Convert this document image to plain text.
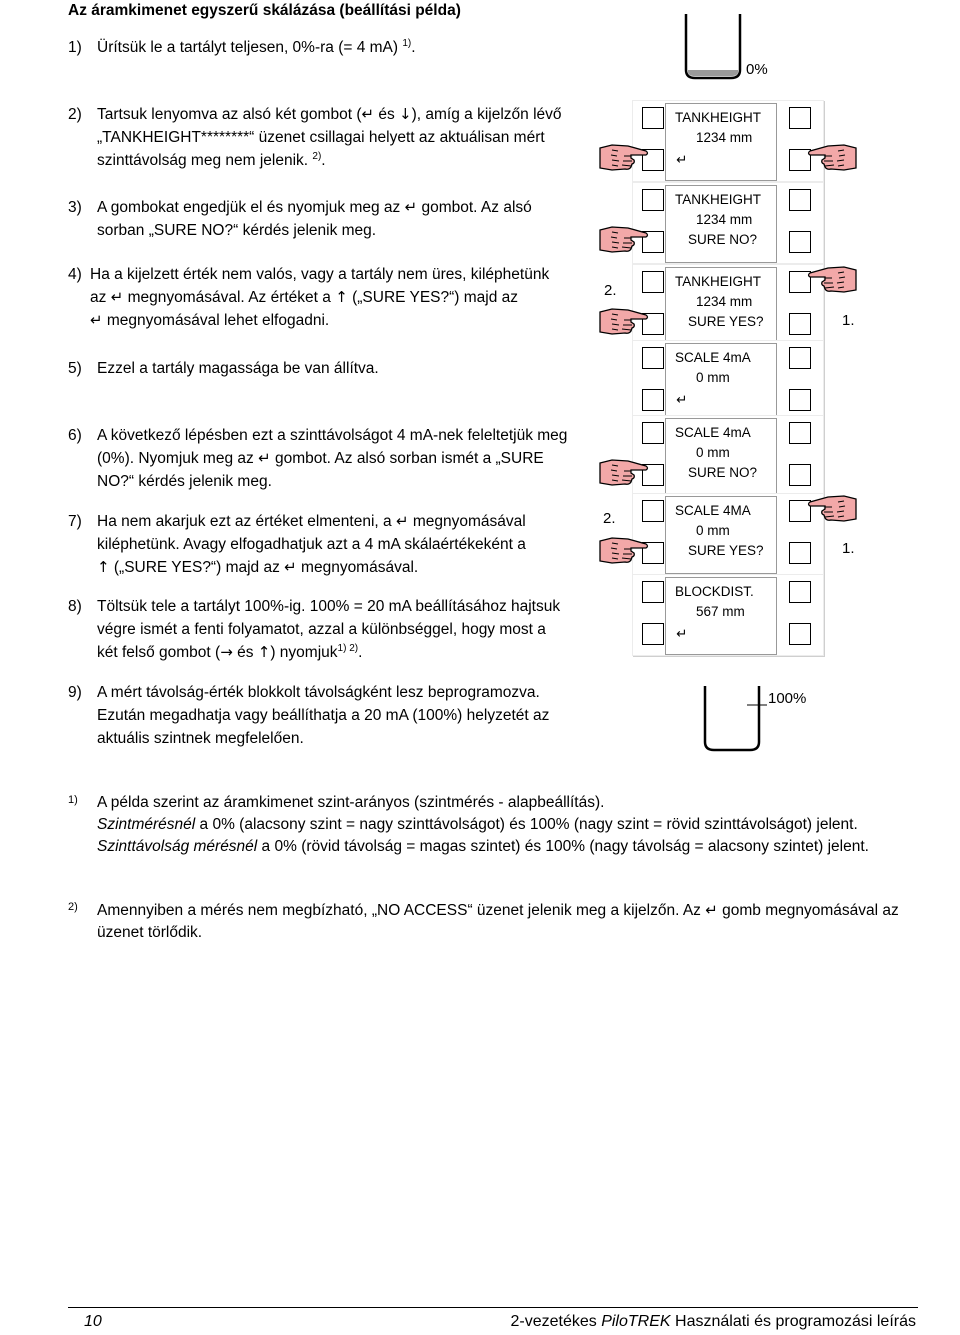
Az áramkimenet egyszerű skálázása (beállítási példa)
1) Ürítsük le a tartályt teljesen, 0%-ra (= 4 mA) $^{1)}$.
2) Tartsuk lenyomva az alsó két gombot (↵ és ↓), amíg a kijelzőn lévő
„TANKHEIGHT********“ üzenet csillagai helyett az aktuálisan mért
szinttávolság meg nem jelenik. $^{2)}$.
3) A gombokat engedjük el és nyomjuk meg az ↵ gombot. Az alsó
sorban „SURE NO?“ kérdés jelenik meg.
4) Ha a kijelzett érték nem valós, vagy a tartály nem üres, kiléphetünk
az ↵ megnyomásával. Az értéket a ↑ („SURE YES?“) majd az
↵ megnyomásával lehet elfogadni.
5) Ezzel a tartály magassága be van állítva.
6) A következő lépésben ezt a szinttávolságot 4 mA-nek feleltetjük meg
(0%). Nyomjuk meg az ↵ gombot. Az alsó sorban ismét a „SURE
NO?“ kérdés jelenik meg.
7) Ha nem akarjuk ezt az értéket elmenteni, a ↵ megnyomásával
kiléphetünk. Avagy elfogadhatjuk azt a 4 mA skálaértékeként a
↑ („SURE YES?“) majd az ↵ megnyomásával.
8) Töltsük tele a tartályt 100%-ig. 100% = 20 mA beállításához hajtsuk
végre ismét a fenti folyamatot, azzal a különbséggel, hogy most a
két felső gombot (→ és ↑) nyomjuk$^{1) 2)}$.
9) A mért távolság-érték blokkolt távolságként lesz beprogramozva.
Ezután megadhatja vagy beállíthatja a 20 mA (100%) helyzetét az
aktuális szintnek megfelelően.
1) A példa szerint az áramkimenet szint-arányos (szintmérés - alapbeállítás).
Szintmérésnél a 0% (alacsony szint = nagy szinttávolságot) és 100% (nagy szint = rövid szinttávolságot) jelent.
Szinttávolság mérésnél a 0% (rövid távolság = magas szintet) és 100% (nagy távolság = alacsony szintet) jelent.
2) Amennyiben a mérés nem megbízható, „NO ACCESS“ üzenet jelenik meg a kijelzőn. Az ↵ gomb megnyomásával az
üzenet törlődik.
0%
100%
TANKHEIGHT
1234 mm
↵
TANKHEIGHT
1234 mm
SURE NO?
TANKHEIGHT
1234 mm
SURE YES?
SCALE 4mA
0 mm
↵
SCALE 4mA
0 mm
SURE NO?
SCALE 4MA
0 mm
SURE YES?
BLOCKDIST.
567 mm
↵
2.
1.
2.
1.
10	2-vezetékes PiloTREK Használati és programozási leírás
